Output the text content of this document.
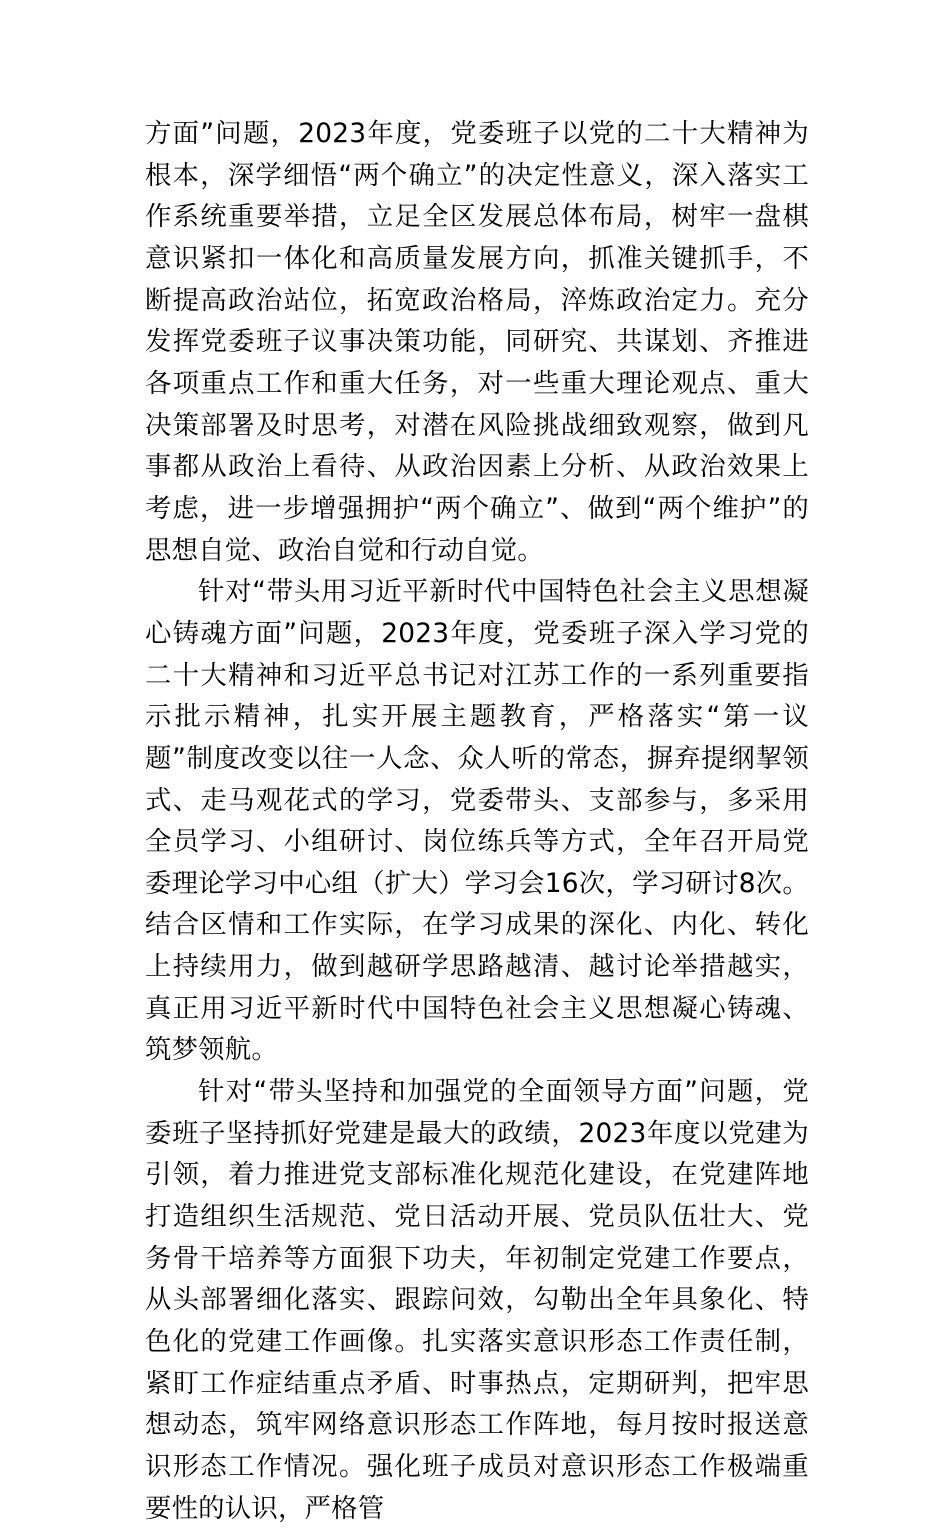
方面”问题，2023年度，党委班子以党的二十大精神为根本，深学细悟“两个确立”的决定性意义，深入落实工作系统重要举措，立足全区发展总体布局，树牢一盘棋意识紧扣一体化和高质量发展方向，抓准关键抓手，不断提高政治站位，拓宽政治格局，淬炼政治定力。充分发挥党委班子议事决策功能，同研究、共谋划、齐推进各项重点工作和重大任务，对一些重大理论观点、重大决策部署及时思考，对潜在风险挑战细致观察，做到凡事都从政治上看待、从政治因素上分析、从政治效果上考虑，进一步增强拥护“两个确立”、做到“两个维护”的思想自觉、政治自觉和行动自觉。

针对“带头用习近平新时代中国特色社会主义思想凝心铸魂方面”问题，2023年度，党委班子深入学习党的二十大精神和习近平总书记对江苏工作的一系列重要指示批示精神，扎实开展主题教育，严格落实“第一议题”制度改变以往一人念、众人听的常态，摒弃提纲挈领式、走马观花式的学习，党委带头、支部参与，多采用全员学习、小组研讨、岗位练兵等方式，全年召开局党委理论学习中心组（扩大）学习会16次，学习研讨8次。结合区情和工作实际，在学习成果的深化、内化、转化上持续用力，做到越研学思路越清、越讨论举措越实，真正用习近平新时代中国特色社会主义思想凝心铸魂、筑梦领航。

针对“带头坚持和加强党的全面领导方面”问题，党委班子坚持抓好党建是最大的政绩，2023年度以党建为引领，着力推进党支部标准化规范化建设，在党建阵地打造组织生活规范、党日活动开展、党员队伍壮大、党务骨干培养等方面狠下功夫，年初制定党建工作要点，从头部署细化落实、跟踪问效，勾勒出全年具象化、特色化的党建工作画像。扎实落实意识形态工作责任制，紧盯工作症结重点矛盾、时事热点，定期研判，把牢思想动态，筑牢网络意识形态工作阵地，每月按时报送意识形态工作情况。强化班子成员对意识形态工作极端重要性的认识，严格管
